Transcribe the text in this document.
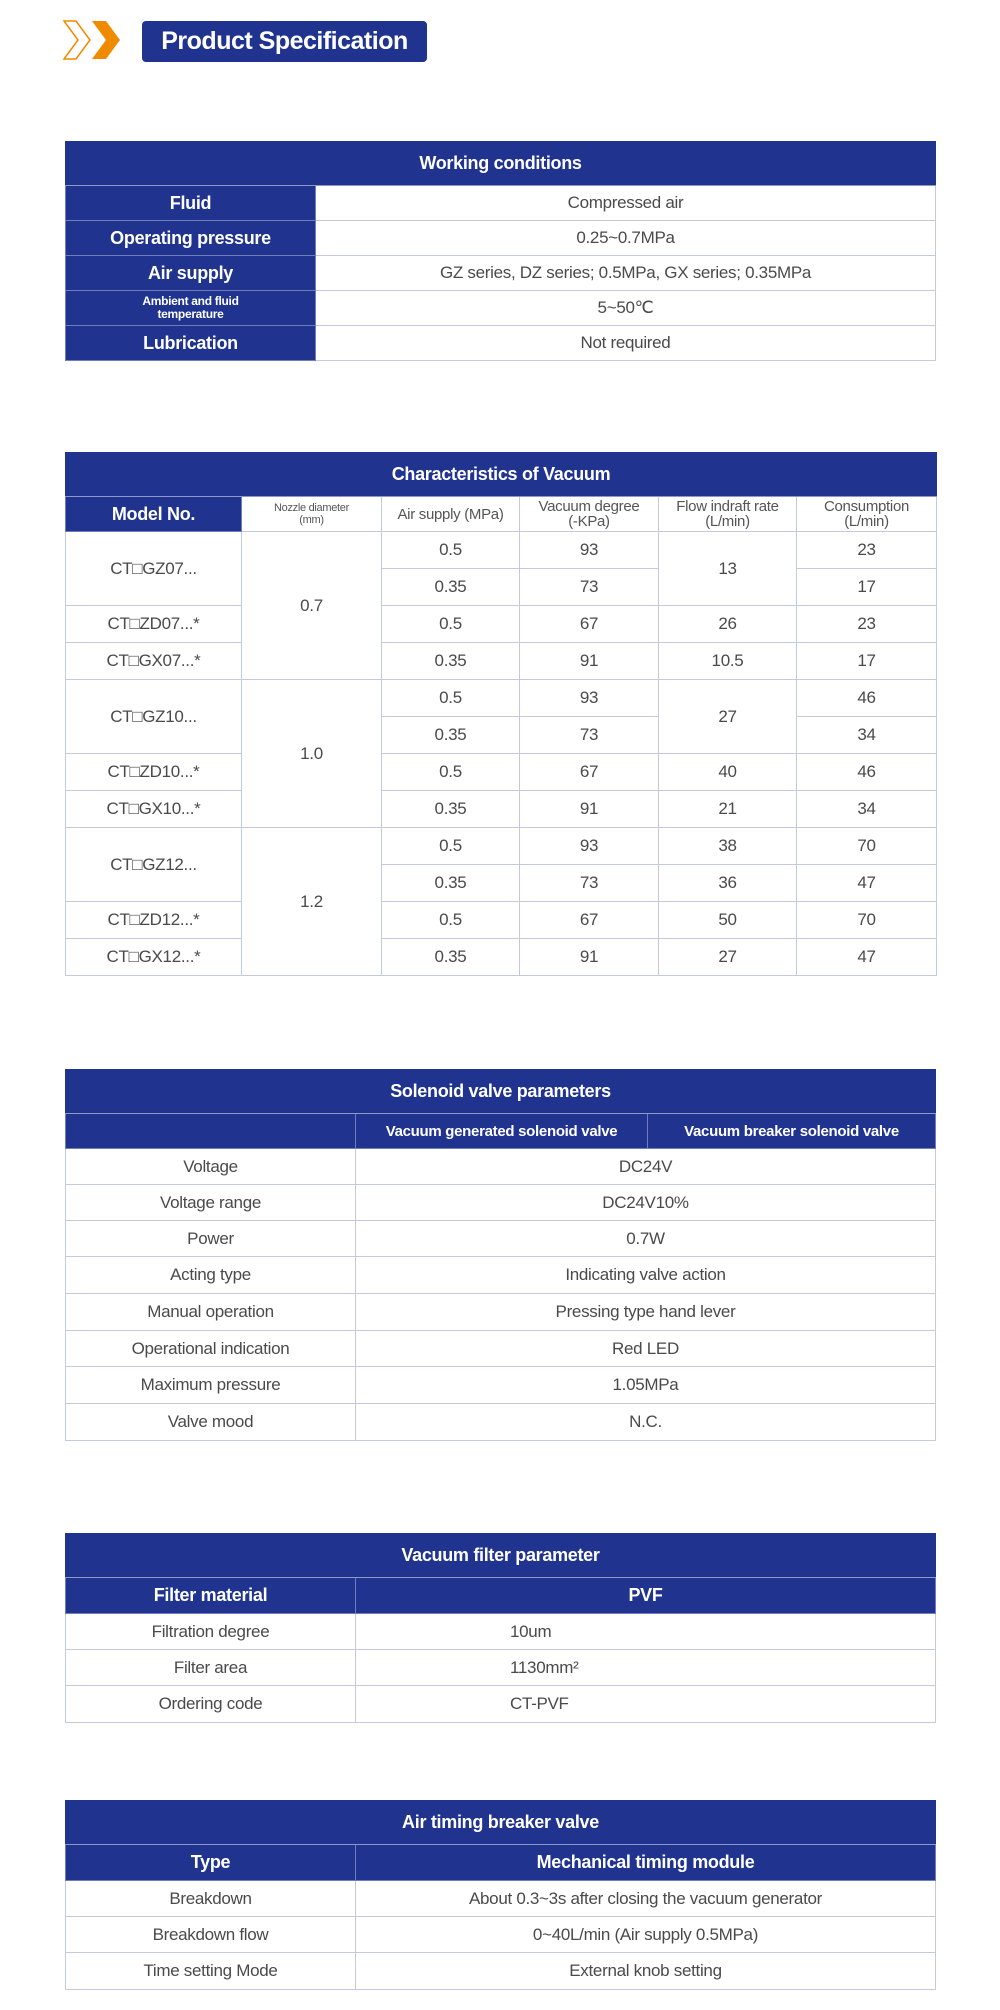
Product Specification
Working conditions	
Fluid	Compressed air
Operating pressure	0.25~0.7MPa
Air supply	GZ series, DZ series; 0.5MPa, GX series; 0.35MPa
Ambient and fluid temperature	5~50℃
Lubrication	Not required
Characteristics of Vacuum					
Model No.	Nozzle diameter (mm)	Air supply (MPa)	Vacuum degree (-KPa)	Flow indraft rate (L/min)	Consumption (L/min)
CT□GZ07...	0.7	0.5	93	13	23
		0.35	73		17
CT□ZD07...*		0.5	67	26	23
CT□GX07...*		0.35	91	10.5	17
CT□GZ10...	1.0	0.5	93	27	46
		0.35	73		34
CT□ZD10...*		0.5	67	40	46
CT□GX10...*		0.35	91	21	34
CT□GZ12...	1.2	0.5	93	38	70
		0.35	73	36	47
CT□ZD12...*		0.5	67	50	70
CT□GX12...*		0.35	91	27	47
Solenoid valve parameters		
	Vacuum generated solenoid valve	Vacuum breaker solenoid valve
Voltage	DC24V	
Voltage range	DC24V10%	
Power	0.7W	
Acting type	Indicating valve action	
Manual operation	Pressing type hand lever	
Operational indication	Red LED	
Maximum pressure	1.05MPa	
Valve mood	N.C.	
Vacuum filter parameter	
Filter material	PVF
Filtration degree	10um
Filter area	1130mm²
Ordering code	CT-PVF
Air timing breaker valve	
Type	Mechanical timing module
Breakdown	About 0.3~3s after closing the vacuum generator
Breakdown flow	0~40L/min (Air supply 0.5MPa)
Time setting Mode	External knob setting
